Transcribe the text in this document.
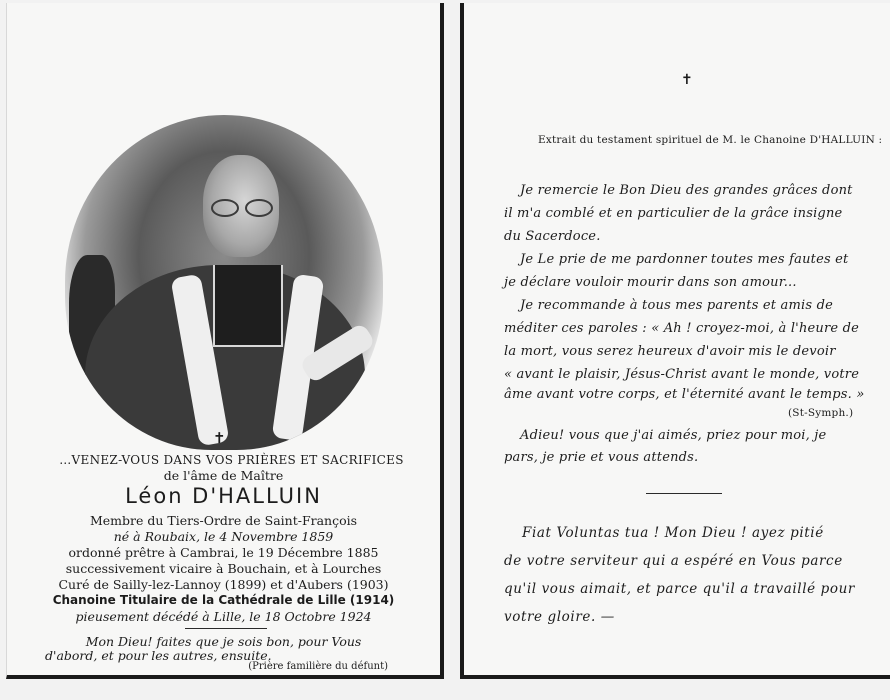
✝
…VENEZ-VOUS DANS VOS PRIÈRES ET SACRIFICES
de l'âme de Maître
Léon D'HALLUIN
Membre du Tiers-Ordre de Saint-François
né à Roubaix, le 4 Novembre 1859
ordonné prêtre à Cambrai, le 19 Décembre 1885
successivement vicaire à Bouchain, et à Lourches
Curé de Sailly-lez-Lannoy (1899) et d'Aubers (1903)
Chanoine Titulaire de la Cathédrale de Lille (1914)
pieusement décédé à Lille, le 18 Octobre 1924
Mon Dieu! faites que je sois bon, pour Vous
d'abord, et pour les autres, ensuite.
(Prière familière du défunt)
✝
Extrait du testament spirituel de M. le Chanoine D'HALLUIN :
Je remercie le Bon Dieu des grandes grâces dont
il m'a comblé et en particulier de la grâce insigne
du Sacerdoce.
Je Le prie de me pardonner toutes mes fautes et
je déclare vouloir mourir dans son amour...
Je recommande à tous mes parents et amis de
méditer ces paroles : « Ah ! croyez-moi, à l'heure de
la mort, vous serez heureux d'avoir mis le devoir
« avant le plaisir, Jésus-Christ avant le monde, votre
âme avant votre corps, et l'éternité avant le temps. »
(St-Symph.)
Adieu! vous que j'ai aimés, priez pour moi, je
pars, je prie et vous attends.
Fiat Voluntas tua ! Mon Dieu ! ayez pitié
de votre serviteur qui a espéré en Vous parce
qu'il vous aimait, et parce qu'il a travaillé pour
votre gloire. —
